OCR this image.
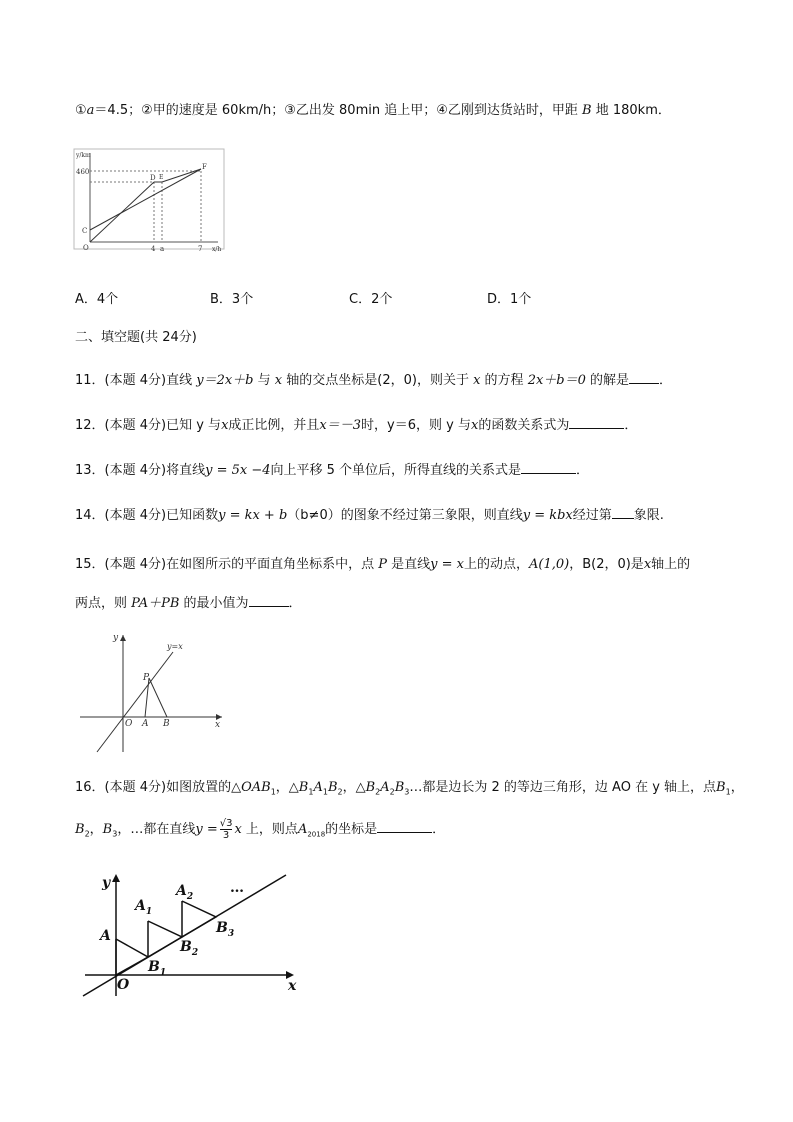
①a＝4.5；②甲的速度是 60km/h；③乙出发 80min 追上甲；④乙刚到达货站时，甲距 B 地 180km．
y/km
x/h
460
O
C
D E
F
4 a	7
A．4个	B．3个	C．2个	D．1个
二、填空题(共 24分)
11．(本题 4分)直线 y＝2x＋b 与 x 轴的交点坐标是(2，0)，则关于 x 的方程 2x＋b＝0 的解是 ．
12．(本题 4分)已知 y 与x成正比例，并且x＝－3时，y＝6，则 y 与x的函数关系式为	．
13．(本题 4分)将直线y = 5x −4向上平移 5 个单位后，所得直线的关系式是	．
14．(本题 4分)已知函数y = kx + b（b≠0）的图象不经过第三象限，则直线y = kbx经过第 象限.
15．(本题 4分)在如图所示的平面直角坐标系中，点 P 是直线y = x上的动点，A(1,0)，B(2，0)是x轴上的
两点，则 PA＋PB 的最小值为	．
y
x
O A B
P
y=x
16．(本题 4分)如图放置的$\triangle OAB_1$，$\triangle B_1A_1B_2$，$\triangle B_2A_2B_3\dots$都是边长为 2 的等边三角形，边 AO 在 y 轴上，点$B_1$，
$B_2$，$B_3$，…都在直线$y = \frac{√3}{3}$ x 上，则点$A_{2018}$的坐标是	．
y
x
O
A
$A_1$
$A_2$
$B_1$
$B_2$
$B_3$
…
